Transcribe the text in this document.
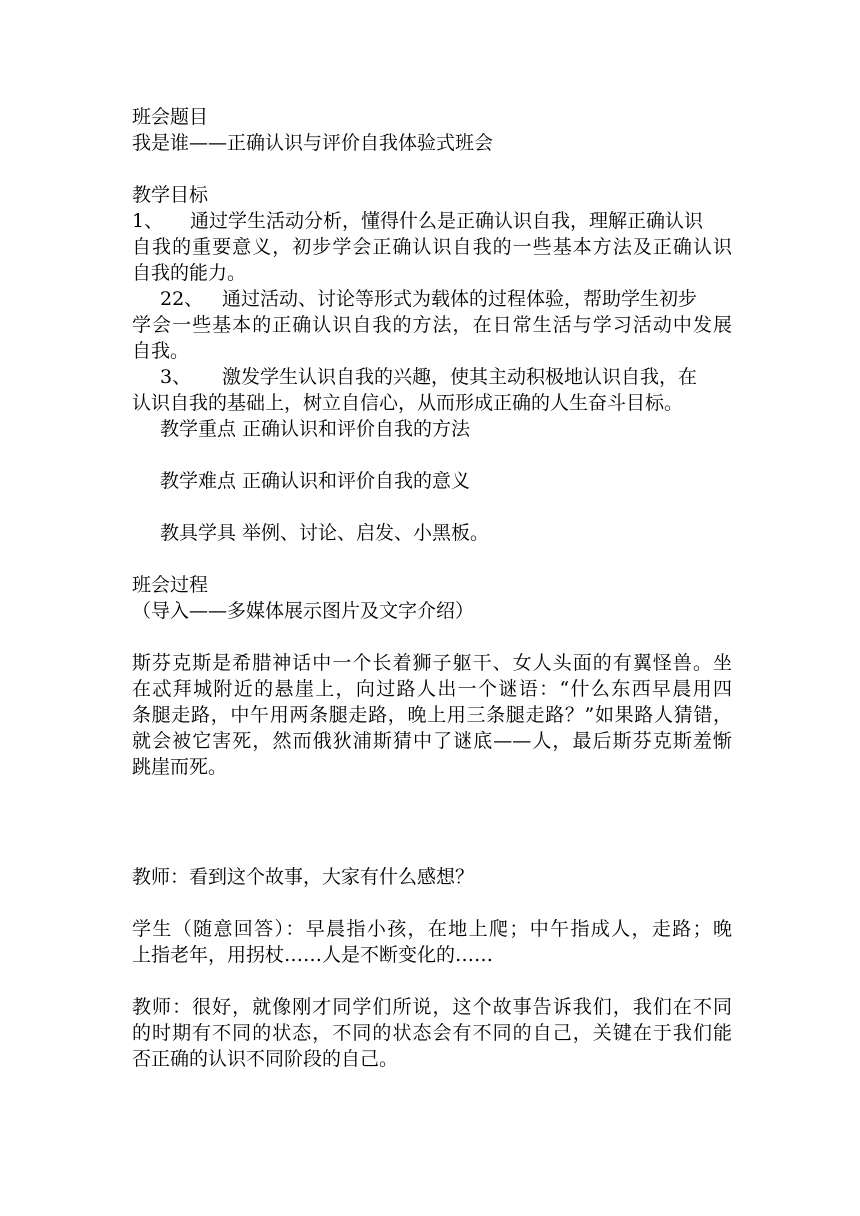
班会题目
我是谁——正确认识与评价自我体验式班会
教学目标
1、 通过学生活动分析，懂得什么是正确认识自我，理解正确认识
自我的重要意义，初步学会正确认识自我的一些基本方法及正确认识
自我的能力。
22、 通过活动、讨论等形式为载体的过程体验，帮助学生初步
学会一些基本的正确认识自我的方法，在日常生活与学习活动中发展
自我。
3、 激发学生认识自我的兴趣，使其主动积极地认识自我，在
认识自我的基础上，树立自信心，从而形成正确的人生奋斗目标。
教学重点 正确认识和评价自我的方法
教学难点 正确认识和评价自我的意义
教具学具 举例、讨论、启发、小黑板。
班会过程
（导入——多媒体展示图片及文字介绍）
斯芬克斯是希腊神话中一个长着狮子躯干、女人头面的有翼怪兽。坐
在忒拜城附近的悬崖上，向过路人出一个谜语：“什么东西早晨用四
条腿走路，中午用两条腿走路，晚上用三条腿走路？”如果路人猜错，
就会被它害死，然而俄狄浦斯猜中了谜底——人，最后斯芬克斯羞惭
跳崖而死。
教师：看到这个故事，大家有什么感想？
学生（随意回答）：早晨指小孩，在地上爬；中午指成人，走路；晚
上指老年，用拐杖……人是不断变化的……
教师：很好，就像刚才同学们所说，这个故事告诉我们，我们在不同
的时期有不同的状态，不同的状态会有不同的自己，关键在于我们能
否正确的认识不同阶段的自己。
